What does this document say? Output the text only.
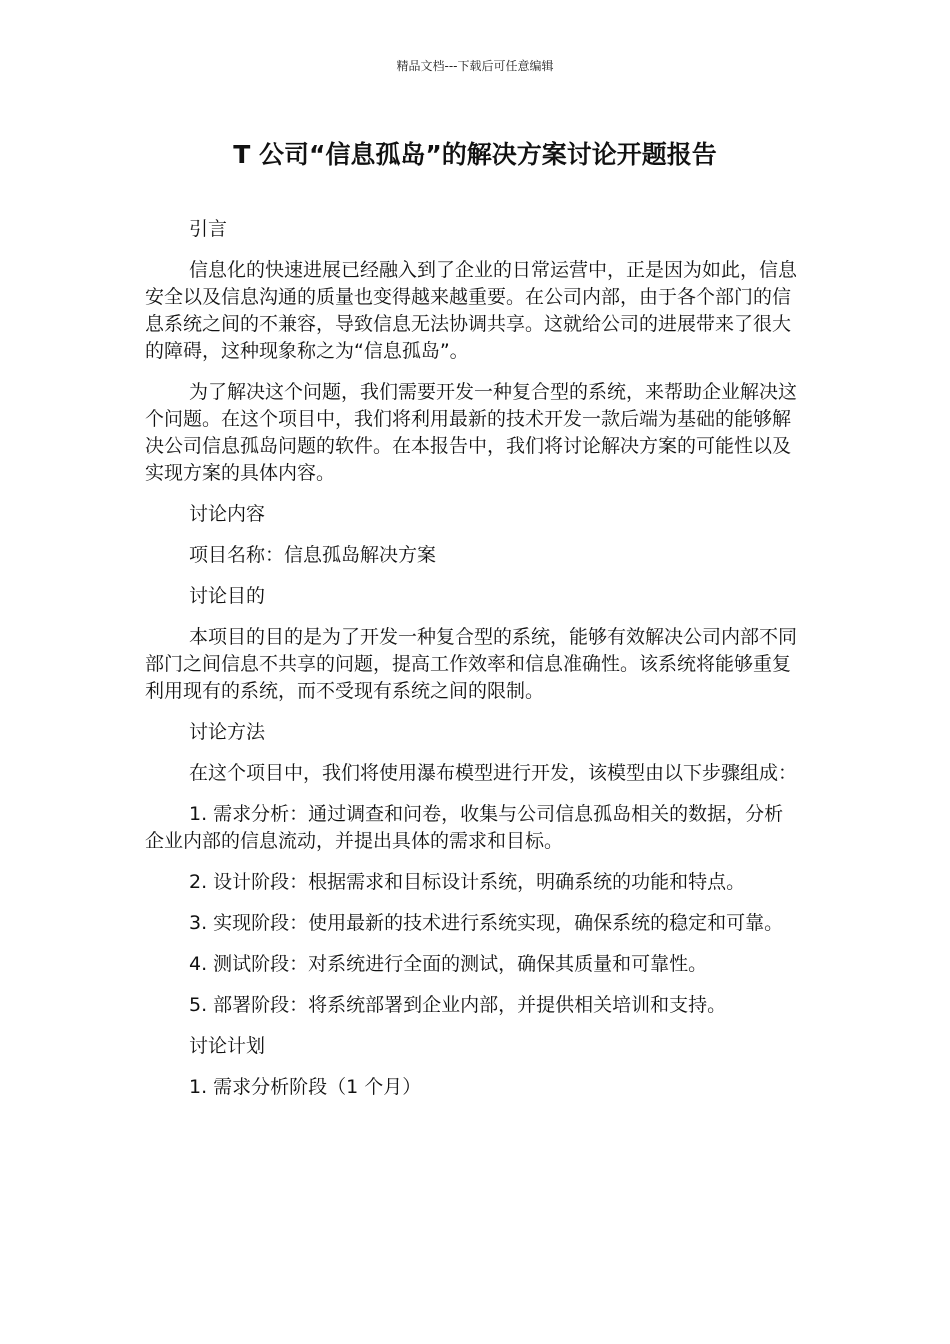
精品文档---下载后可任意编辑
T 公司“信息孤岛”的解决方案讨论开题报告

引言

信息化的快速进展已经融入到了企业的日常运营中，正是因为如此，信息安全以及信息沟通的质量也变得越来越重要。在公司内部，由于各个部门的信息系统之间的不兼容，导致信息无法协调共享。这就给公司的进展带来了很大的障碍，这种现象称之为“信息孤岛”。

为了解决这个问题，我们需要开发一种复合型的系统，来帮助企业解决这个问题。在这个项目中，我们将利用最新的技术开发一款后端为基础的能够解决公司信息孤岛问题的软件。在本报告中，我们将讨论解决方案的可能性以及实现方案的具体内容。

讨论内容

项目名称：信息孤岛解决方案

讨论目的

本项目的目的是为了开发一种复合型的系统，能够有效解决公司内部不同部门之间信息不共享的问题，提高工作效率和信息准确性。该系统将能够重复利用现有的系统，而不受现有系统之间的限制。

讨论方法

在这个项目中，我们将使用瀑布模型进行开发，该模型由以下步骤组成：

1. 需求分析：通过调查和问卷，收集与公司信息孤岛相关的数据，分析企业内部的信息流动，并提出具体的需求和目标。

2. 设计阶段：根据需求和目标设计系统，明确系统的功能和特点。

3. 实现阶段：使用最新的技术进行系统实现，确保系统的稳定和可靠。

4. 测试阶段：对系统进行全面的测试，确保其质量和可靠性。

5. 部署阶段：将系统部署到企业内部，并提供相关培训和支持。

讨论计划

1. 需求分析阶段（1 个月）
